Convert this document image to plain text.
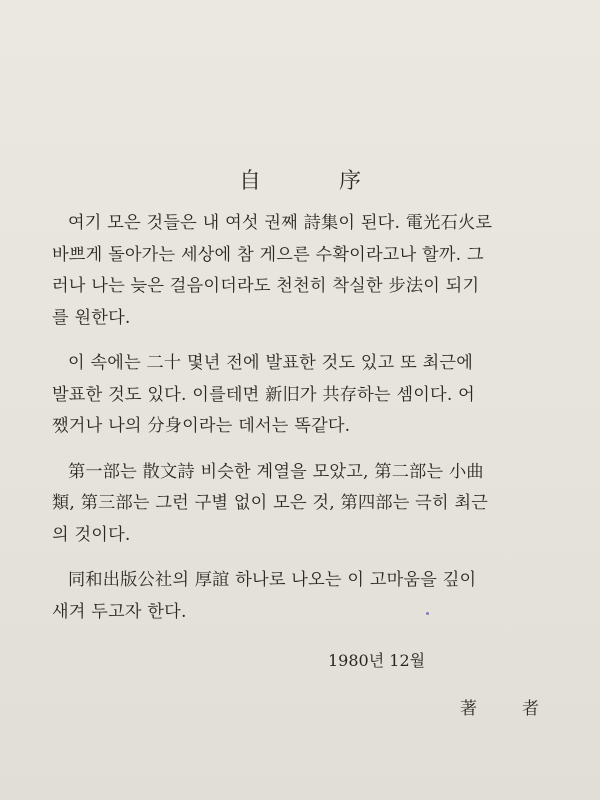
自　序
여기 모은 것들은 내 여섯 권째 詩集이 된다. 電光石火로
바쁘게 돌아가는 세상에 참 게으른 수확이라고나 할까. 그
러나 나는 늦은 걸음이더라도 천천히 착실한 步法이 되기
를 원한다.
이 속에는 二十 몇년 전에 발표한 것도 있고 또 최근에
발표한 것도 있다. 이를테면 新旧가 共存하는 셈이다. 어
쨌거나 나의 分身이라는 데서는 똑같다.
第一部는 散文詩 비슷한 계열을 모았고, 第二部는 小曲
類, 第三部는 그런 구별 없이 모은 것, 第四部는 극히 최근
의 것이다.
同和出版公社의 厚誼 하나로 나오는 이 고마움을 깊이
새겨 두고자 한다.
1980년 12월
著　者
